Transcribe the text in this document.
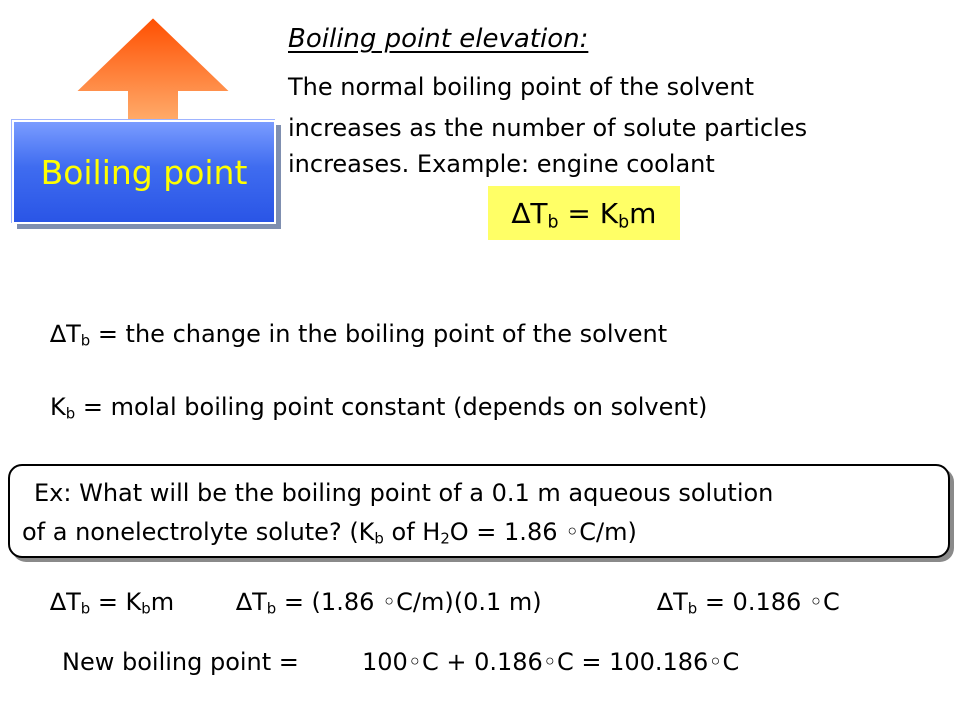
Boiling point
Boiling point elevation:
The normal boiling point of the solvent
increases as the number of solute particles
increases. Example: engine coolant
$\Delta T_b = K_bm$
$\Delta T_b$ = the change in the boiling point of the solvent
$K_b$ = molal boiling point constant (depends on solvent)
Ex: What will be the boiling point of a 0.1 m aqueous solution
of a nonelectrolyte solute? ($K_b$ of $H_2O = 1.86$ ◦C/m)
$\Delta T_b = K_bm$	$\Delta T_b = (1.86$ ◦C/m)(0.1 m)	$\Delta T_b = 0.186$ ◦C
New boiling point =	100◦C + 0.186◦C = 100.186◦C
